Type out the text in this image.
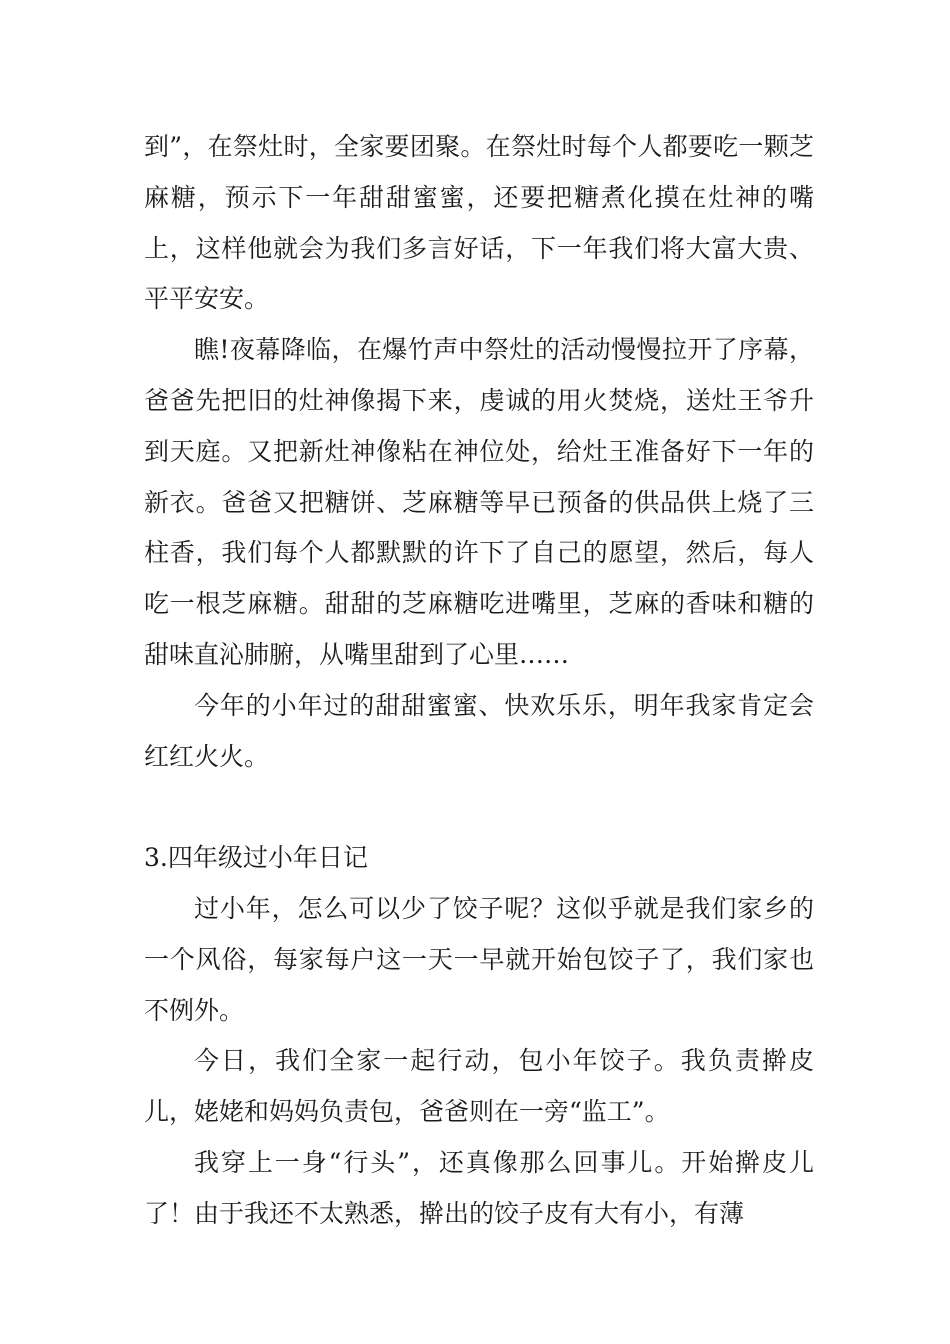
到”，在祭灶时，全家要团聚。在祭灶时每个人都要吃一颗芝麻糖，预示下一年甜甜蜜蜜，还要把糖煮化摸在灶神的嘴上，这样他就会为我们多言好话，下一年我们将大富大贵、平平安安。

瞧!夜幕降临，在爆竹声中祭灶的活动慢慢拉开了序幕，爸爸先把旧的灶神像揭下来，虔诚的用火焚烧，送灶王爷升到天庭。又把新灶神像粘在神位处，给灶王准备好下一年的新衣。爸爸又把糖饼、芝麻糖等早已预备的供品供上烧了三柱香，我们每个人都默默的许下了自己的愿望，然后，每人吃一根芝麻糖。甜甜的芝麻糖吃进嘴里，芝麻的香味和糖的甜味直沁肺腑，从嘴里甜到了心里……

今年的小年过的甜甜蜜蜜、快欢乐乐，明年我家肯定会红红火火。

3.四年级过小年日记

过小年，怎么可以少了饺子呢？这似乎就是我们家乡的一个风俗，每家每户这一天一早就开始包饺子了，我们家也不例外。

今日，我们全家一起行动，包小年饺子。我负责擀皮儿，姥姥和妈妈负责包，爸爸则在一旁“监工”。

我穿上一身“行头”，还真像那么回事儿。开始擀皮儿了！由于我还不太熟悉，擀出的饺子皮有大有小，有薄
